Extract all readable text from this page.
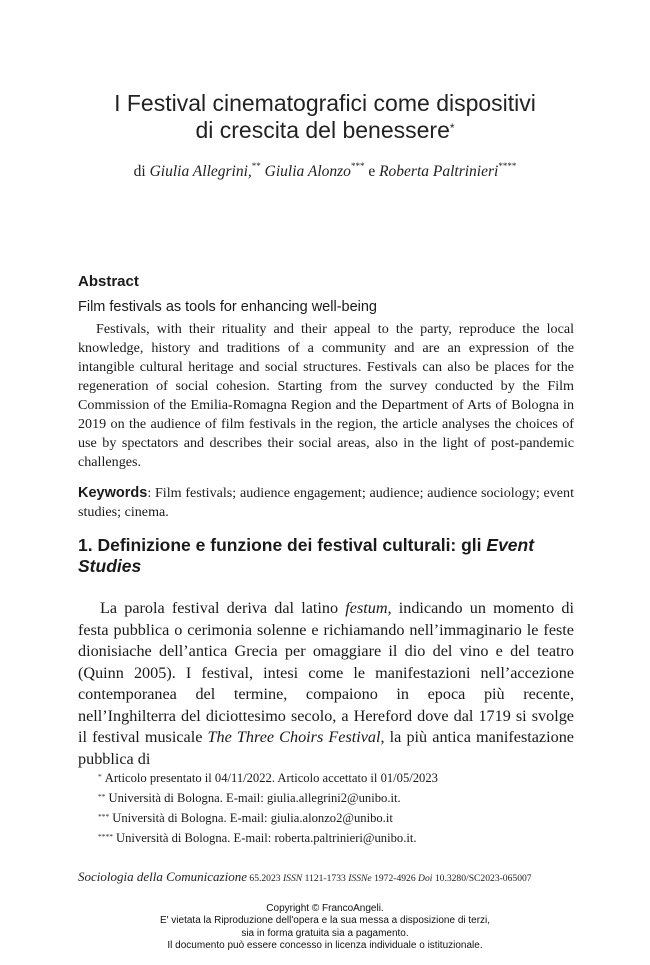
I Festival cinematografici come dispositivi
di crescita del benessere*
di Giulia Allegrini,** Giulia Alonzo*** e Roberta Paltrinieri****
Abstract
Film festivals as tools for enhancing well-being

Festivals, with their rituality and their appeal to the party, reproduce the local knowledge, history and traditions of a community and are an expression of the intangible cultural heritage and social structures. Festivals can also be places for the regeneration of social cohesion. Starting from the survey conducted by the Film Commission of the Emilia-Romagna Region and the Department of Arts of Bologna in 2019 on the audience of film festivals in the region, the article analyses the choices of use by spectators and describes their social areas, also in the light of post-pandemic challenges.

Keywords: Film festivals; audience engagement; audience; audience sociology; event studies; cinema.

1. Definizione e funzione dei festival culturali: gli Event Studies

La parola festival deriva dal latino festum, indicando un momento di festa pubblica o cerimonia solenne e richiamando nell’immaginario le feste dionisiache dell’antica Grecia per omaggiare il dio del vino e del teatro (Quinn 2005). I festival, intesi come le manifestazioni nell’accezione contemporanea del termine, compaiono in epoca più recente, nell’Inghilterra del diciottesimo secolo, a Hereford dove dal 1719 si svolge il festival musicale The Three Choirs Festival, la più antica manifestazione pubblica di

* Articolo presentato il 04/11/2022. Articolo accettato il 01/05/2023
** Università di Bologna. E-mail: giulia.allegrini2@unibo.it.
*** Università di Bologna. E-mail: giulia.alonzo2@unibo.it
**** Università di Bologna. E-mail: roberta.paltrinieri@unibo.it.
Sociologia della Comunicazione 65.2023 ISSN 1121-1733 ISSNe 1972-4926 Doi 10.3280/SC2023-065007
Copyright © FrancoAngeli.
E' vietata la Riproduzione dell'opera e la sua messa a disposizione di terzi,
sia in forma gratuita sia a pagamento.
Il documento può essere concesso in licenza individuale o istituzionale.
